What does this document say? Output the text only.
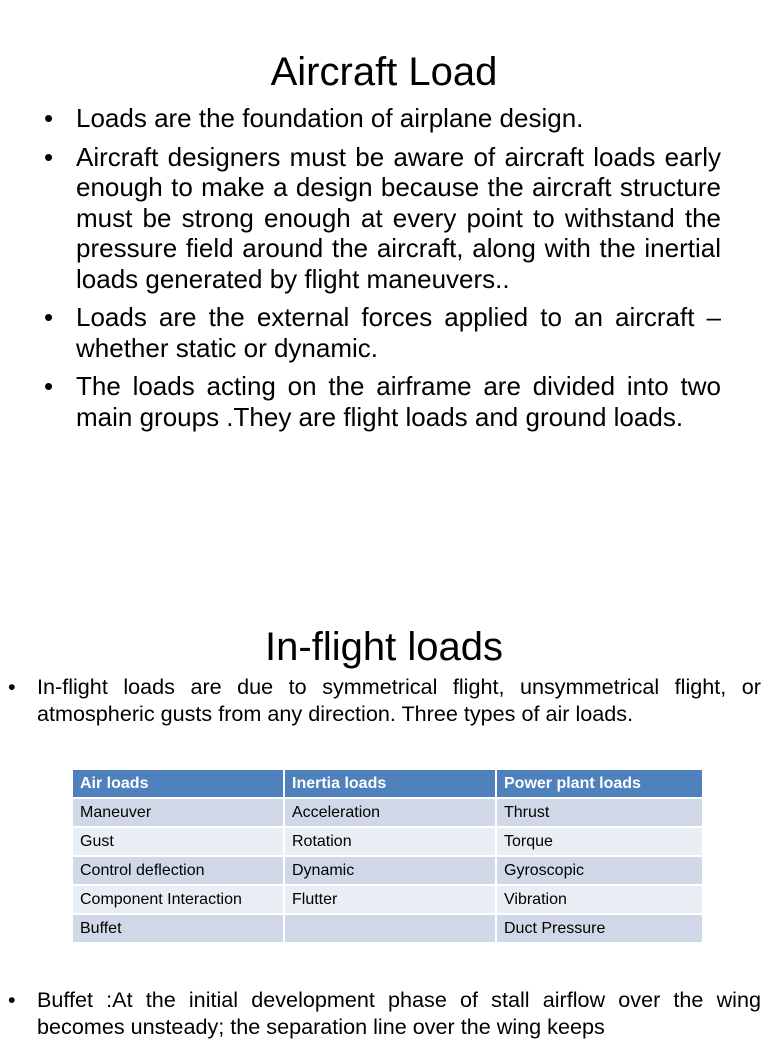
Aircraft Load
• Loads are the foundation of airplane design.
• Aircraft designers must be aware of aircraft loads early enough to make a design because the aircraft structure must be strong enough at every point to withstand the pressure field around the aircraft, along with the inertial loads generated by flight maneuvers..
• Loads are the external forces applied to an aircraft – whether static or dynamic.
• The loads acting on the airframe are divided into two main groups .They are flight loads and ground loads.
In-flight loads
• In-flight loads are due to symmetrical flight, unsymmetrical flight, or atmospheric gusts from any direction. Three types of air loads.
Air loads	Inertia loads	Power plant loads
Maneuver	Acceleration	Thrust
Gust	Rotation	Torque
Control deflection	Dynamic	Gyroscopic
Component Interaction	Flutter	Vibration
Buffet		Duct Pressure
• Buffet :At the initial development phase of stall airflow over the wing becomes unsteady; the separation line over the wing keeps
